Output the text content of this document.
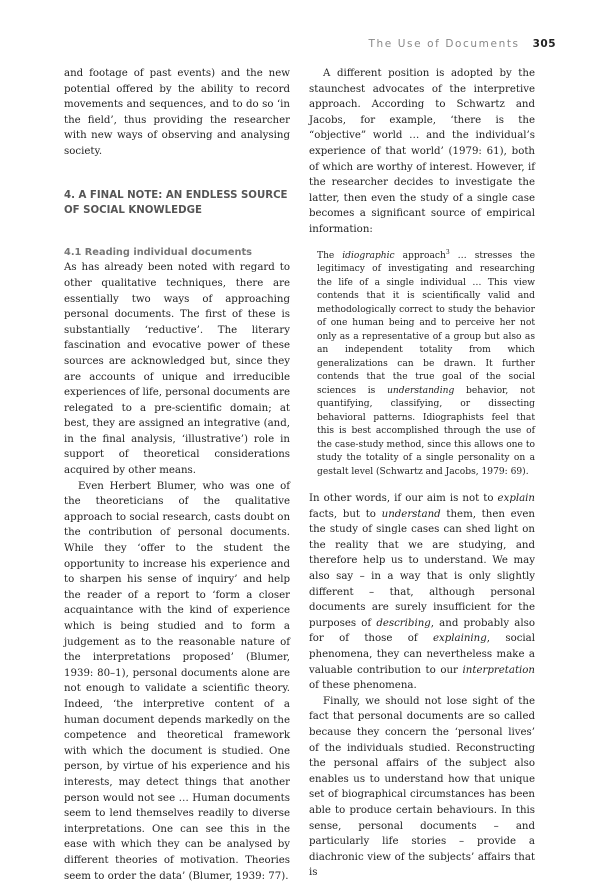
The Use of Documents 305

and footage of past events) and the new potential offered by the ability to record movements and sequences, and to do so ‘in the field’, thus providing the researcher with new ways of observing and analysing society.

4. A FINAL NOTE: AN ENDLESS SOURCE OF SOCIAL KNOWLEDGE
4.1 Reading individual documents

As has already been noted with regard to other qualitative techniques, there are essentially two ways of approaching personal documents. The first of these is substantially ‘reductive’. The literary fascination and evocative power of these sources are acknowledged but, since they are accounts of unique and irreducible experiences of life, personal documents are relegated to a pre-scientific domain; at best, they are assigned an integrative (and, in the final analysis, ‘illustrative’) role in support of theoretical considerations acquired by other means.

Even Herbert Blumer, who was one of the theoreticians of the qualitative approach to social research, casts doubt on the contribution of personal documents. While they ‘offer to the student the opportunity to increase his experience and to sharpen his sense of inquiry’ and help the reader of a report to ‘form a closer acquaintance with the kind of experience which is being studied and to form a judgement as to the reasonable nature of the interpretations proposed’ (Blumer, 1939: 80–1), personal documents alone are not enough to validate a scientific theory. Indeed, ‘the interpretive content of a human document depends markedly on the competence and theoretical framework with which the document is studied. One person, by virtue of his experience and his interests, may detect things that another person would not see … Human documents seem to lend themselves readily to diverse interpretations. One can see this in the ease with which they can be analysed by different theories of motivation. Theories seem to order the data’ (Blumer, 1939: 77).

A different position is adopted by the staunchest advocates of the interpretive approach. According to Schwartz and Jacobs, for example, ‘there is the “objective” world … and the individual’s experience of that world’ (1979: 61), both of which are worthy of interest. However, if the researcher decides to investigate the latter, then even the study of a single case becomes a significant source of empirical information:

The idiographic approach$^3$ … stresses the legitimacy of investigating and researching the life of a single individual … This view contends that it is scientifically valid and methodologically correct to study the behavior of one human being and to perceive her not only as a representative of a group but also as an independent totality from which generalizations can be drawn. It further contends that the true goal of the social sciences is understanding behavior, not quantifying, classifying, or dissecting behavioral patterns. Idiographists feel that this is best accomplished through the use of the case-study method, since this allows one to study the totality of a single personality on a gestalt level (Schwartz and Jacobs, 1979: 69).

In other words, if our aim is not to explain facts, but to understand them, then even the study of single cases can shed light on the reality that we are studying, and therefore help us to understand. We may also say – in a way that is only slightly different – that, although personal documents are surely insufficient for the purposes of describing, and probably also for of those of explaining, social phenomena, they can nevertheless make a valuable contribution to our interpretation of these phenomena.

Finally, we should not lose sight of the fact that personal documents are so called because they concern the ‘personal lives’ of the individuals studied. Reconstructing the personal affairs of the subject also enables us to understand how that unique set of biographical circumstances has been able to produce certain behaviours. In this sense, personal documents – and particularly life stories – provide a diachronic view of the subjects’ affairs that is
